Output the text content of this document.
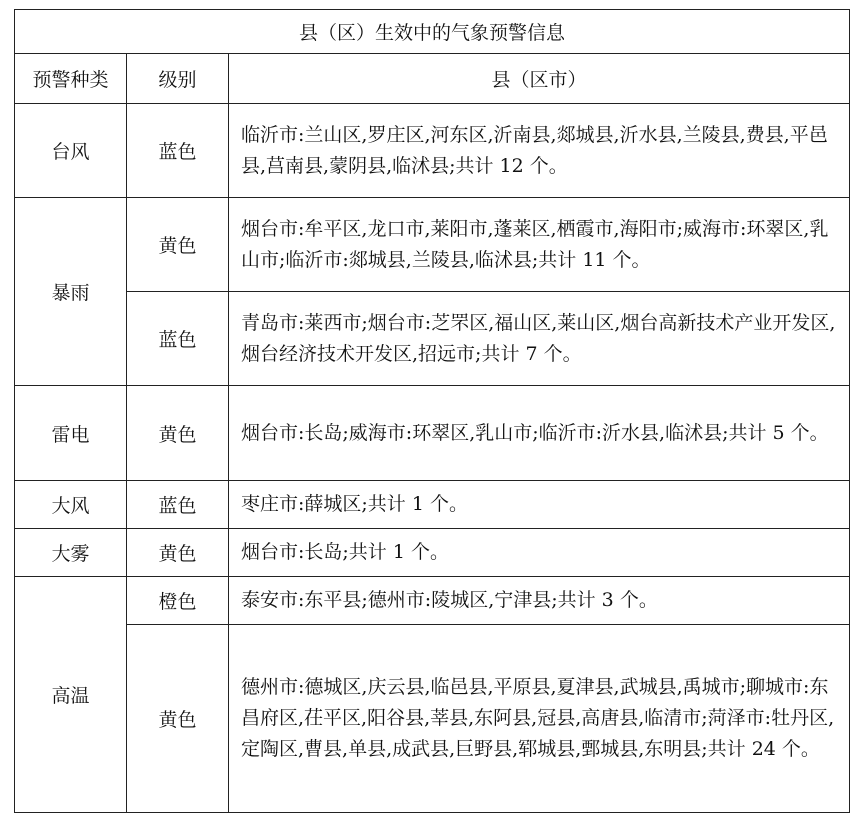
县（区）生效中的气象预警信息		
预警种类	级别	县（区市）
台风	蓝色	临沂市:兰山区,罗庄区,河东区,沂南县,郯城县,沂水县,兰陵县,费县,平邑县,莒南县,蒙阴县,临沭县;共计 12 个。
暴雨	黄色	烟台市:牟平区,龙口市,莱阳市,蓬莱区,栖霞市,海阳市;威海市:环翠区,乳山市;临沂市:郯城县,兰陵县,临沭县;共计 11 个。
	蓝色	青岛市:莱西市;烟台市:芝罘区,福山区,莱山区,烟台高新技术产业开发区,烟台经济技术开发区,招远市;共计 7 个。
雷电	黄色	烟台市:长岛;威海市:环翠区,乳山市;临沂市:沂水县,临沭县;共计 5 个。
大风	蓝色	枣庄市:薛城区;共计 1 个。
大雾	黄色	烟台市:长岛;共计 1 个。
高温	橙色	泰安市:东平县;德州市:陵城区,宁津县;共计 3 个。
	黄色	德州市:德城区,庆云县,临邑县,平原县,夏津县,武城县,禹城市;聊城市:东昌府区,茌平区,阳谷县,莘县,东阿县,冠县,高唐县,临清市;菏泽市:牡丹区,定陶区,曹县,单县,成武县,巨野县,郓城县,鄄城县,东明县;共计 24 个。
